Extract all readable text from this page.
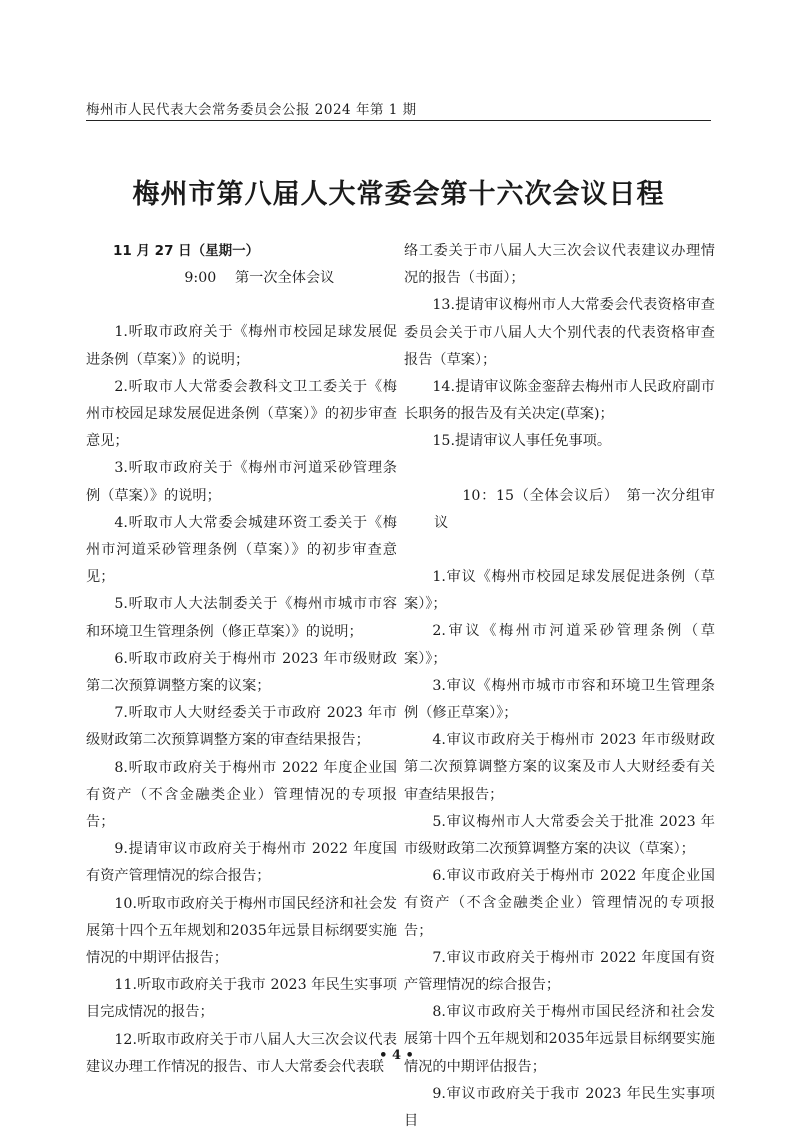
梅州市人民代表大会常务委员会公报 2024 年第 1 期
梅州市第八届人大常委会第十六次会议日程

11 月 27 日（星期一）

9:00　 第一次全体会议

1.听取市政府关于《梅州市校园足球发展促进条例（草案）》的说明；

2.听取市人大常委会教科文卫工委关于《梅州市校园足球发展促进条例（草案）》的初步审查意见；

3.听取市政府关于《梅州市河道采砂管理条例（草案）》的说明；

4.听取市人大常委会城建环资工委关于《梅州市河道采砂管理条例（草案）》的初步审查意见；

5.听取市人大法制委关于《梅州市城市市容和环境卫生管理条例（修正草案）》的说明；

6.听取市政府关于梅州市 2023 年市级财政第二次预算调整方案的议案；

7.听取市人大财经委关于市政府 2023 年市级财政第二次预算调整方案的审查结果报告；

8.听取市政府关于梅州市 2022 年度企业国有资产（不含金融类企业）管理情况的专项报告；

9.提请审议市政府关于梅州市 2022 年度国有资产管理情况的综合报告；

10.听取市政府关于梅州市国民经济和社会发展第十四个五年规划和2035年远景目标纲要实施情况的中期评估报告；

11.听取市政府关于我市 2023 年民生实事项目完成情况的报告；

12.听取市政府关于市八届人大三次会议代表建议办理工作情况的报告、市人大常委会代表联

络工委关于市八届人大三次会议代表建议办理情况的报告（书面）；

13.提请审议梅州市人大常委会代表资格审查委员会关于市八届人大个别代表的代表资格审查报告（草案）；

14.提请审议陈金銮辞去梅州市人民政府副市长职务的报告及有关决定(草案)；

15.提请审议人事任免事项。

10：15（全体会议后）　第一次分组审议

1.审议《梅州市校园足球发展促进条例（草案）》；

2.审议《梅州市河道采砂管理条例（草案）》；

3.审议《梅州市城市市容和环境卫生管理条例（修正草案）》；

4.审议市政府关于梅州市 2023 年市级财政第二次预算调整方案的议案及市人大财经委有关审查结果报告；

5.审议梅州市人大常委会关于批准 2023 年市级财政第二次预算调整方案的决议（草案）；

6.审议市政府关于梅州市 2022 年度企业国有资产（不含金融类企业）管理情况的专项报告；

7.审议市政府关于梅州市 2022 年度国有资产管理情况的综合报告；

8.审议市政府关于梅州市国民经济和社会发展第十四个五年规划和2035年远景目标纲要实施情况的中期评估报告；

9.审议市政府关于我市 2023 年民生实事项目

• 4 •
